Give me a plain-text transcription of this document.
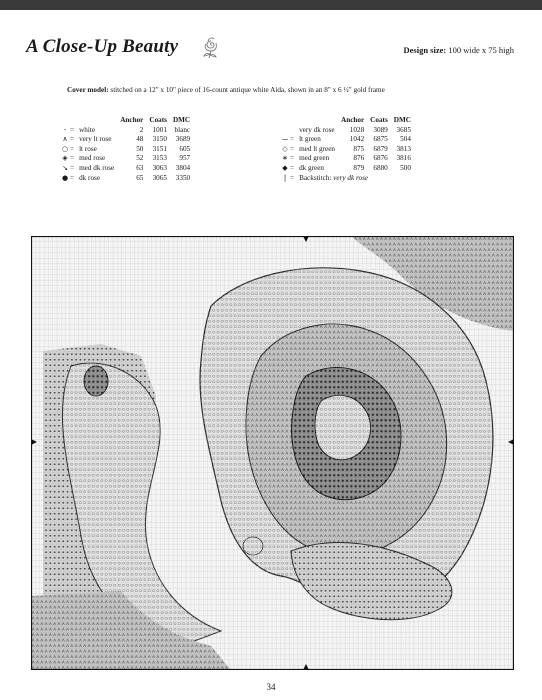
A Close-Up Beauty	Design size: 100 wide x 75 high
Cover model: stitched on a 12" x 10" piece of 16-count antique white Aida, shown in an 8" x 6 ½" gold frame
			Anchor	Coats	DMC
-	=	white	2	1001	blanc
∧	=	very lt rose	48	3150	3689
○	=	lt rose	50	3151	605
◈	=	med rose	52	3153	957
↘	=	med dk rose	63	3063	3804
●	=	dk rose	65	3065	3350
			Anchor	Coats	DMC
		very dk rose	1028	3089	3685
—	=	lt green	1042	6875	504
◇	=	med lt green	875	6879	3813
∗	=	med green	876	6876	3816
◆	=	dk green	879	6880	500
|	=	Backstitch: very dk rose			
34
